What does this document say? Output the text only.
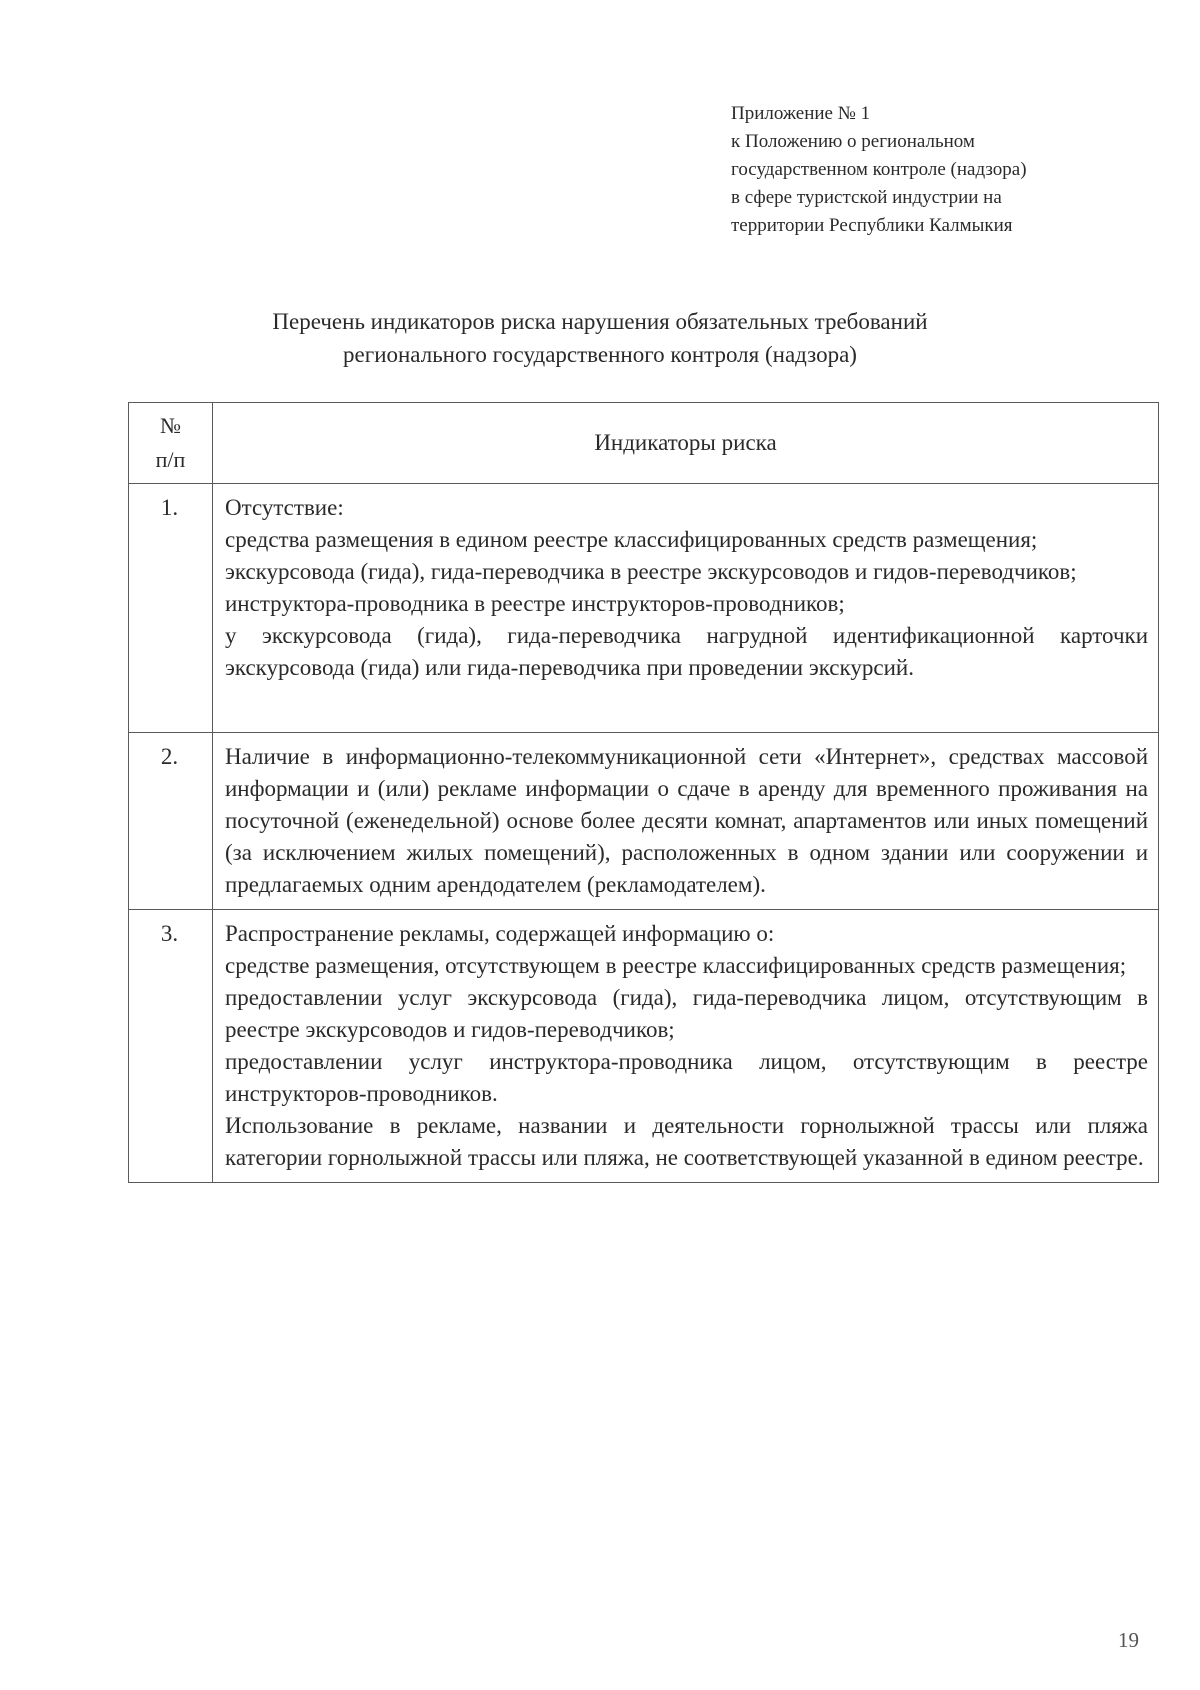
Приложение № 1
к Положению о региональном
государственном контроле (надзора)
в сфере туристской индустрии на
территории Республики Калмыкия
Перечень индикаторов риска нарушения обязательных требований
регионального государственного контроля (надзора)
№
п/п	Индикаторы риска
1.	Отсутствие:

средства размещения в едином реестре классифицированных средств размещения;

экскурсовода (гида), гида-переводчика в реестре экскурсоводов и гидов-переводчиков;

инструктора-проводника в реестре инструкторов-проводников;

у экскурсовода (гида), гида-переводчика нагрудной идентификационной карточки экскурсовода (гида) или гида-переводчика при проведении экскурсий.

2.	Наличие в информационно-телекоммуникационной сети «Интернет», средствах массовой информации и (или) рекламе информации о сдаче в аренду для временного проживания на посуточной (еженедельной) основе более десяти комнат, апартаментов или иных помещений (за исключением жилых помещений), расположенных в одном здании или сооружении и предлагаемых одним арендодателем (рекламодателем).

3.	Распространение рекламы, содержащей информацию о:

средстве размещения, отсутствующем в реестре классифицированных средств размещения;

предоставлении услуг экскурсовода (гида), гида-переводчика лицом, отсутствующим в реестре экскурсоводов и гидов-переводчиков;

предоставлении услуг инструктора-проводника лицом, отсутствующим в реестре инструкторов-проводников.

Использование в рекламе, названии и деятельности горнолыжной трассы или пляжа категории горнолыжной трассы или пляжа, не соответствующей указанной в едином реестре.

19
